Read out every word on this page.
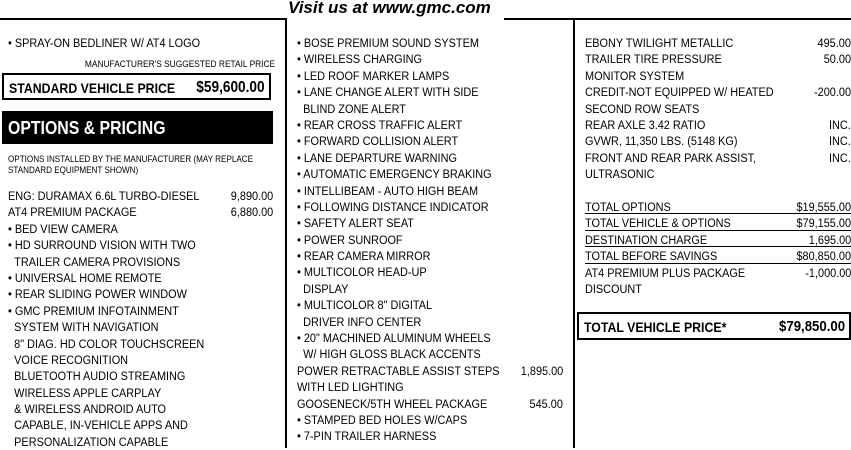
Visit us at www.gmc.com
• SPRAY-ON BEDLINER W/ AT4 LOGO
MANUFACTURER'S SUGGESTED RETAIL PRICE
STANDARD VEHICLE PRICE $59,600.00
OPTIONS & PRICING
OPTIONS INSTALLED BY THE MANUFACTURER (MAY REPLACE STANDARD EQUIPMENT SHOWN)
ENG: DURAMAX 6.6L TURBO-DIESEL	9,890.00
AT4 PREMIUM PACKAGE	6,880.00
• BED VIEW CAMERA
• HD SURROUND VISION WITH TWO
TRAILER CAMERA PROVISIONS
• UNIVERSAL HOME REMOTE
• REAR SLIDING POWER WINDOW
• GMC PREMIUM INFOTAINMENT
SYSTEM WITH NAVIGATION
8" DIAG. HD COLOR TOUCHSCREEN
VOICE RECOGNITION
BLUETOOTH AUDIO STREAMING
WIRELESS APPLE CARPLAY
& WIRELESS ANDROID AUTO
CAPABLE, IN-VEHICLE APPS AND
PERSONALIZATION CAPABLE
• BOSE PREMIUM SOUND SYSTEM
• WIRELESS CHARGING
• LED ROOF MARKER LAMPS
• LANE CHANGE ALERT WITH SIDE
BLIND ZONE ALERT
• REAR CROSS TRAFFIC ALERT
• FORWARD COLLISION ALERT
• LANE DEPARTURE WARNING
• AUTOMATIC EMERGENCY BRAKING
• INTELLIBEAM - AUTO HIGH BEAM
• FOLLOWING DISTANCE INDICATOR
• SAFETY ALERT SEAT
• POWER SUNROOF
• REAR CAMERA MIRROR
• MULTICOLOR HEAD-UP
DISPLAY
• MULTICOLOR 8" DIGITAL
DRIVER INFO CENTER
• 20" MACHINED ALUMINUM WHEELS
W/ HIGH GLOSS BLACK ACCENTS
POWER RETRACTABLE ASSIST STEPS 1,895.00
WITH LED LIGHTING
GOOSENECK/5TH WHEEL PACKAGE	545.00
• STAMPED BED HOLES W/CAPS
• 7-PIN TRAILER HARNESS
EBONY TWILIGHT METALLIC	495.00
TRAILER TIRE PRESSURE	50.00
MONITOR SYSTEM
CREDIT-NOT EQUIPPED W/ HEATED	-200.00
SECOND ROW SEATS
REAR AXLE 3.42 RATIO	INC.
GVWR, 11,350 LBS. (5148 KG)	INC.
FRONT AND REAR PARK ASSIST,	INC.
ULTRASONIC
TOTAL OPTIONS	$19,555.00
TOTAL VEHICLE & OPTIONS	$79,155.00
DESTINATION CHARGE	1,695.00
TOTAL BEFORE SAVINGS	$80,850.00
AT4 PREMIUM PLUS PACKAGE	-1,000.00
DISCOUNT
TOTAL VEHICLE PRICE*	$79,850.00
